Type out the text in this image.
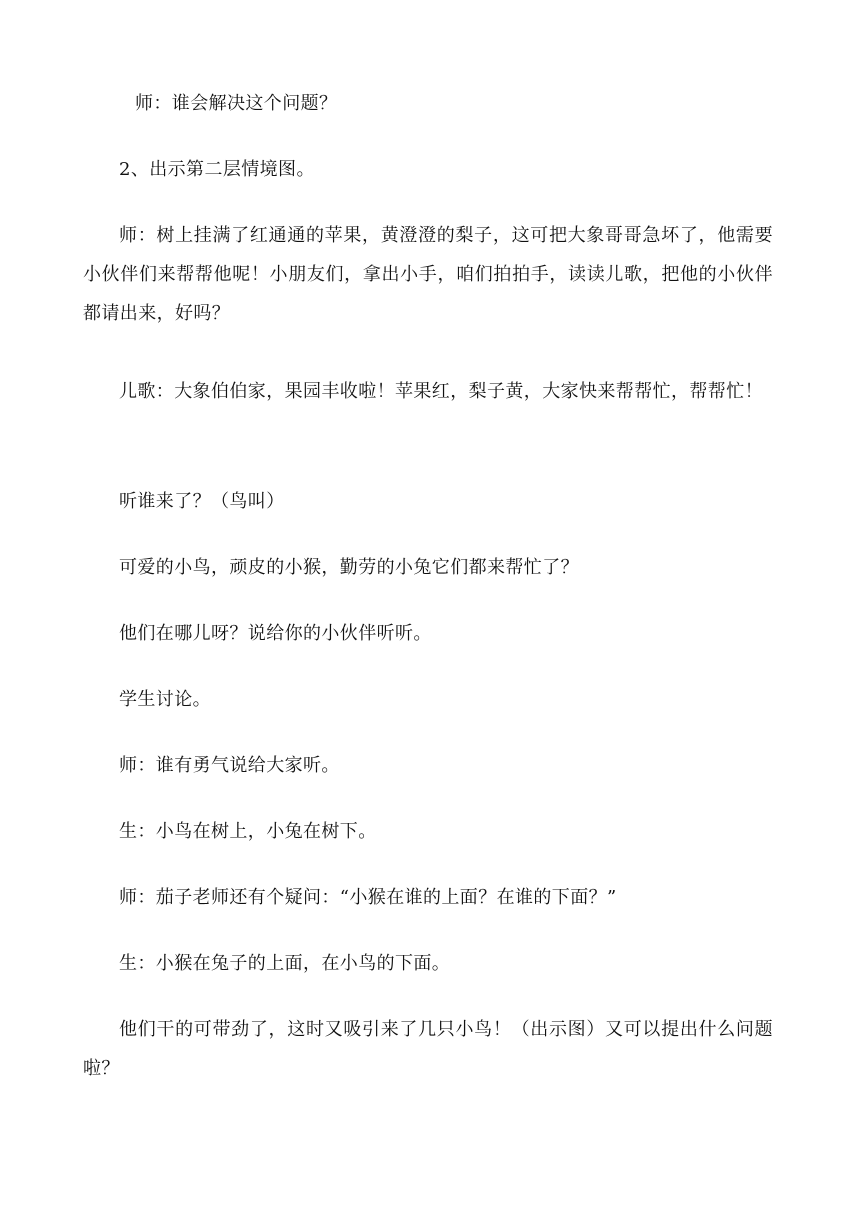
师：谁会解决这个问题？

2、出示第二层情境图。

师：树上挂满了红通通的苹果，黄澄澄的梨子，这可把大象哥哥急坏了，他需要小伙伴们来帮帮他呢！小朋友们，拿出小手，咱们拍拍手，读读儿歌，把他的小伙伴都请出来，好吗？

儿歌：大象伯伯家，果园丰收啦！苹果红，梨子黄，大家快来帮帮忙，帮帮忙！

听谁来了？（鸟叫）

可爱的小鸟，顽皮的小猴，勤劳的小兔它们都来帮忙了？

他们在哪儿呀？说给你的小伙伴听听。

学生讨论。

师：谁有勇气说给大家听。

生：小鸟在树上，小兔在树下。

师：茄子老师还有个疑问：“小猴在谁的上面？在谁的下面？”

生：小猴在兔子的上面，在小鸟的下面。

他们干的可带劲了，这时又吸引来了几只小鸟！（出示图）又可以提出什么问题啦？
